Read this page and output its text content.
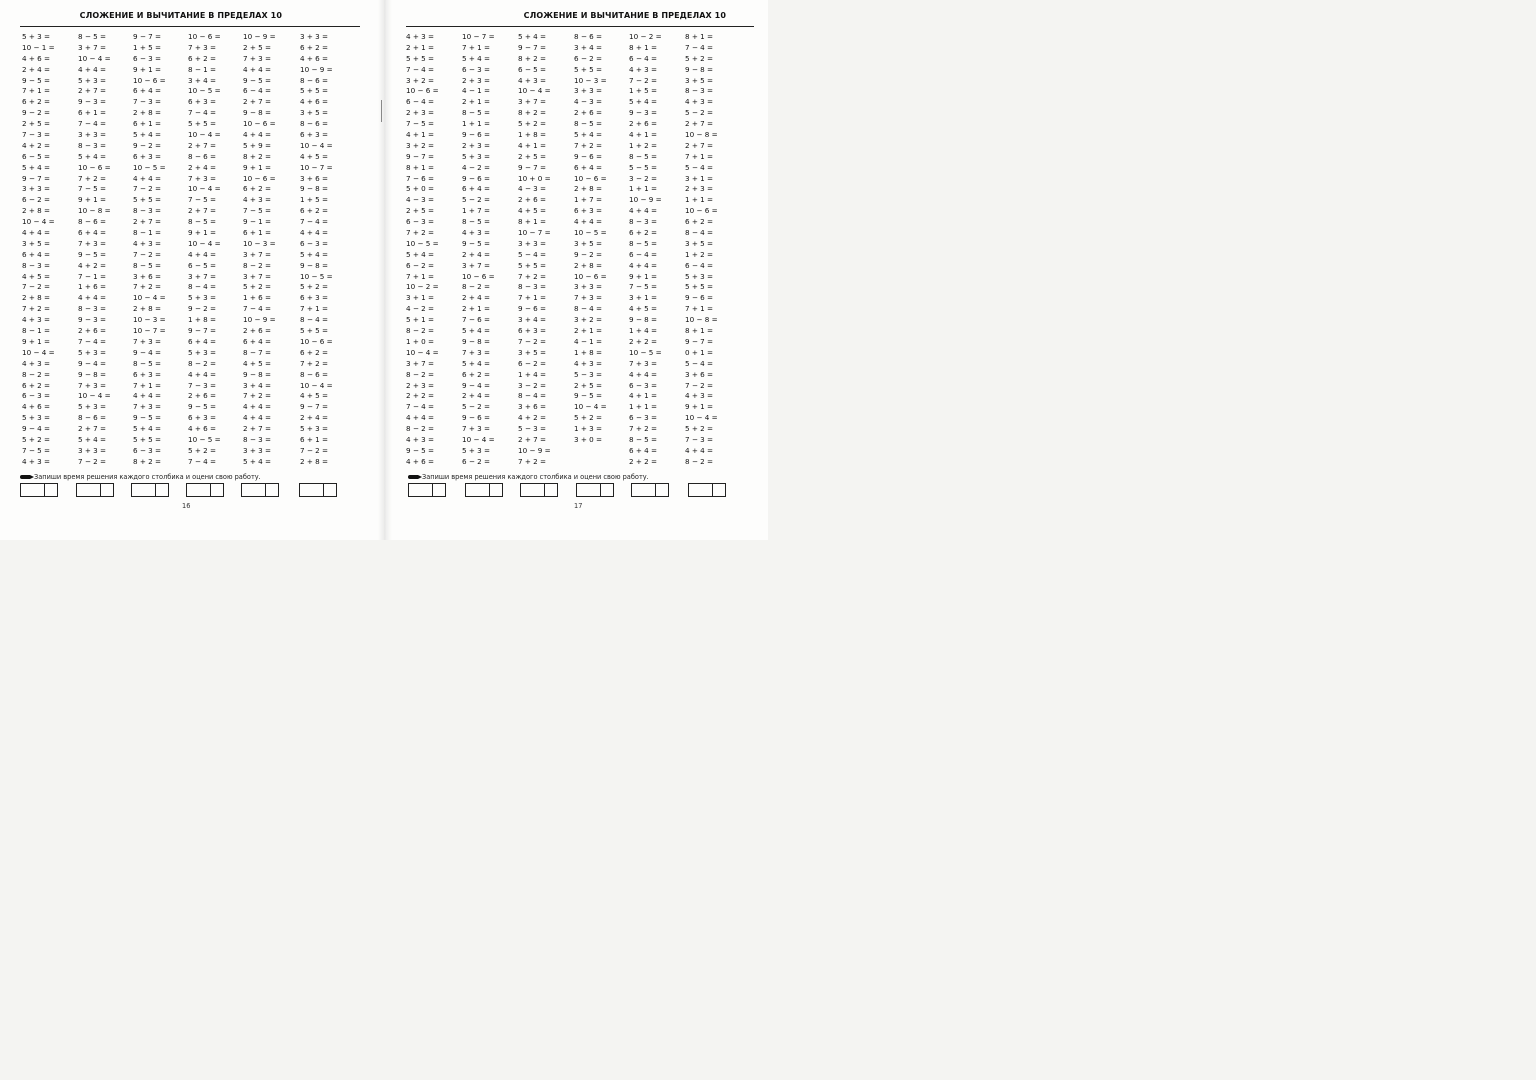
СЛОЖЕНИЕ И ВЫЧИТАНИЕ В ПРЕДЕЛАХ 10
5 + 3 =
10 − 1 =
4 + 6 =
2 + 4 =
9 − 5 =
7 + 1 =
6 + 2 =
9 − 2 =
2 + 5 =
7 − 3 =
4 + 2 =
6 − 5 =
5 + 4 =
9 − 7 =
3 + 3 =
6 − 2 =
2 + 8 =
10 − 4 =
4 + 4 =
3 + 5 =
6 + 4 =
8 − 3 =
4 + 5 =
7 − 2 =
2 + 8 =
7 + 2 =
4 + 3 =
8 − 1 =
9 + 1 =
10 − 4 =
4 + 3 =
8 − 2 =
6 + 2 =
6 − 3 =
4 + 6 =
5 + 3 =
9 − 4 =
5 + 2 =
7 − 5 =
4 + 3 =
8 − 5 =
3 + 7 =
10 − 4 =
4 + 4 =
5 + 3 =
2 + 7 =
9 − 3 =
6 + 1 =
7 − 4 =
3 + 3 =
8 − 3 =
5 + 4 =
10 − 6 =
7 + 2 =
7 − 5 =
9 + 1 =
10 − 8 =
8 − 6 =
6 + 4 =
7 + 3 =
9 − 5 =
4 + 2 =
7 − 1 =
1 + 6 =
4 + 4 =
8 − 3 =
9 − 3 =
2 + 6 =
7 − 4 =
5 + 3 =
9 − 4 =
9 − 8 =
7 + 3 =
10 − 4 =
5 + 3 =
8 − 6 =
2 + 7 =
5 + 4 =
3 + 3 =
7 − 2 =
9 − 7 =
1 + 5 =
6 − 3 =
9 + 1 =
10 − 6 =
6 + 4 =
7 − 3 =
2 + 8 =
6 + 1 =
5 + 4 =
9 − 2 =
6 + 3 =
10 − 5 =
4 + 4 =
7 − 2 =
5 + 5 =
8 − 3 =
2 + 7 =
8 − 1 =
4 + 3 =
7 − 2 =
8 − 5 =
3 + 6 =
7 + 2 =
10 − 4 =
2 + 8 =
10 − 3 =
10 − 7 =
7 + 3 =
9 − 4 =
8 − 5 =
6 + 3 =
7 + 1 =
4 + 4 =
7 + 3 =
9 − 5 =
5 + 4 =
5 + 5 =
6 − 3 =
8 + 2 =
10 − 6 =
7 + 3 =
6 + 2 =
8 − 1 =
3 + 4 =
10 − 5 =
6 + 3 =
7 − 4 =
5 + 5 =
10 − 4 =
2 + 7 =
8 − 6 =
2 + 4 =
7 + 3 =
10 − 4 =
7 − 5 =
2 + 7 =
8 − 5 =
9 + 1 =
10 − 4 =
4 + 4 =
6 − 5 =
3 + 7 =
8 − 4 =
5 + 3 =
9 − 2 =
1 + 8 =
9 − 7 =
6 + 4 =
5 + 3 =
8 − 2 =
4 + 4 =
7 − 3 =
2 + 6 =
9 − 5 =
6 + 3 =
4 + 6 =
10 − 5 =
5 + 2 =
7 − 4 =
10 − 9 =
2 + 5 =
7 + 3 =
4 + 4 =
9 − 5 =
6 − 4 =
2 + 7 =
9 − 8 =
10 − 6 =
4 + 4 =
5 + 9 =
8 + 2 =
9 + 1 =
10 − 6 =
6 + 2 =
4 + 3 =
7 − 5 =
9 − 1 =
6 + 1 =
10 − 3 =
3 + 7 =
8 − 2 =
3 + 7 =
5 + 2 =
1 + 6 =
7 − 4 =
10 − 9 =
2 + 6 =
6 + 4 =
8 − 7 =
4 + 5 =
9 − 8 =
3 + 4 =
7 + 2 =
4 + 4 =
4 + 4 =
2 + 7 =
8 − 3 =
3 + 3 =
5 + 4 =
3 + 3 =
6 + 2 =
4 + 6 =
10 − 9 =
8 − 6 =
5 + 5 =
4 + 6 =
3 + 5 =
8 − 6 =
6 + 3 =
10 − 4 =
4 + 5 =
10 − 7 =
3 + 6 =
9 − 8 =
1 + 5 =
6 + 2 =
7 − 4 =
4 + 4 =
6 − 3 =
5 + 4 =
9 − 8 =
10 − 5 =
5 + 2 =
6 + 3 =
7 + 1 =
8 − 4 =
5 + 5 =
10 − 6 =
6 + 2 =
7 + 2 =
8 − 6 =
10 − 4 =
4 + 5 =
9 − 7 =
2 + 4 =
5 + 3 =
6 + 1 =
7 − 2 =
2 + 8 =
Запиши время решения каждого столбика и оцени свою работу.
16
СЛОЖЕНИЕ И ВЫЧИТАНИЕ В ПРЕДЕЛАХ 10
4 + 3 =
2 + 1 =
5 + 5 =
7 − 4 =
3 + 2 =
10 − 6 =
6 − 4 =
2 + 3 =
7 − 5 =
4 + 1 =
3 + 2 =
9 − 7 =
8 + 1 =
7 − 6 =
5 + 0 =
4 − 3 =
2 + 5 =
6 − 3 =
7 + 2 =
10 − 5 =
5 + 4 =
6 − 2 =
7 + 1 =
10 − 2 =
3 + 1 =
4 − 2 =
5 + 1 =
8 − 2 =
1 + 0 =
10 − 4 =
3 + 7 =
8 − 2 =
2 + 3 =
2 + 2 =
7 − 4 =
4 + 4 =
8 − 2 =
4 + 3 =
9 − 5 =
4 + 6 =
10 − 7 =
7 + 1 =
5 + 4 =
6 − 3 =
2 + 3 =
4 − 1 =
2 + 1 =
8 − 5 =
1 + 1 =
9 − 6 =
2 + 3 =
5 + 3 =
4 − 2 =
9 − 6 =
6 + 4 =
5 − 2 =
1 + 7 =
8 − 5 =
4 + 3 =
9 − 5 =
2 + 4 =
3 + 7 =
10 − 6 =
8 − 2 =
2 + 4 =
2 + 1 =
7 − 6 =
5 + 4 =
9 − 8 =
7 + 3 =
5 + 4 =
6 + 2 =
9 − 4 =
2 + 4 =
5 − 2 =
9 − 6 =
7 + 3 =
10 − 4 =
5 + 3 =
6 − 2 =
5 + 4 =
9 − 7 =
8 + 2 =
6 − 5 =
4 + 3 =
10 − 4 =
3 + 7 =
8 + 2 =
5 + 2 =
1 + 8 =
4 + 1 =
2 + 5 =
9 − 7 =
10 + 0 =
4 − 3 =
2 + 6 =
4 + 5 =
8 + 1 =
10 − 7 =
3 + 3 =
5 − 4 =
5 + 5 =
7 + 2 =
8 − 3 =
7 + 1 =
9 − 6 =
3 + 4 =
6 + 3 =
7 − 2 =
3 + 5 =
6 − 2 =
1 + 4 =
3 − 2 =
8 − 4 =
3 + 6 =
4 + 2 =
5 − 3 =
2 + 7 =
10 − 9 =
7 + 2 =
8 − 6 =
3 + 4 =
6 − 2 =
5 + 5 =
10 − 3 =
3 + 3 =
4 − 3 =
2 + 6 =
8 − 5 =
5 + 4 =
7 + 2 =
9 − 6 =
6 + 4 =
10 − 6 =
2 + 8 =
1 + 7 =
6 + 3 =
4 + 4 =
10 − 5 =
3 + 5 =
9 − 2 =
2 + 8 =
10 − 6 =
3 + 3 =
7 + 3 =
8 − 4 =
3 + 2 =
2 + 1 =
4 − 1 =
1 + 8 =
4 + 3 =
5 − 3 =
2 + 5 =
9 − 5 =
10 − 4 =
5 + 2 =
1 + 3 =
3 + 0 =
10 − 2 =
8 + 1 =
6 − 4 =
4 + 3 =
7 − 2 =
1 + 5 =
5 + 4 =
9 − 3 =
2 + 6 =
4 + 1 =
1 + 2 =
8 − 5 =
5 − 5 =
3 − 2 =
1 + 1 =
10 − 9 =
4 + 4 =
8 − 3 =
6 + 2 =
8 − 5 =
6 − 4 =
4 + 4 =
9 + 1 =
7 − 5 =
3 + 1 =
4 + 5 =
9 − 8 =
1 + 4 =
2 + 2 =
10 − 5 =
7 + 3 =
4 + 4 =
6 − 3 =
4 + 1 =
1 + 1 =
6 − 3 =
7 + 2 =
8 − 5 =
6 + 4 =
2 + 2 =
8 + 1 =
7 − 4 =
5 + 2 =
9 − 8 =
3 + 5 =
8 − 3 =
4 + 3 =
5 − 2 =
2 + 7 =
10 − 8 =
2 + 7 =
7 + 1 =
5 − 4 =
3 + 1 =
2 + 3 =
1 + 1 =
10 − 6 =
6 + 2 =
8 − 4 =
3 + 5 =
1 + 2 =
6 − 4 =
5 + 3 =
5 + 5 =
9 − 6 =
7 + 1 =
10 − 8 =
8 + 1 =
9 − 7 =
0 + 1 =
5 − 4 =
3 + 6 =
7 − 2 =
4 + 3 =
9 + 1 =
10 − 4 =
5 + 2 =
7 − 3 =
4 + 4 =
8 − 2 =
Запиши время решения каждого столбика и оцени свою работу.
17
